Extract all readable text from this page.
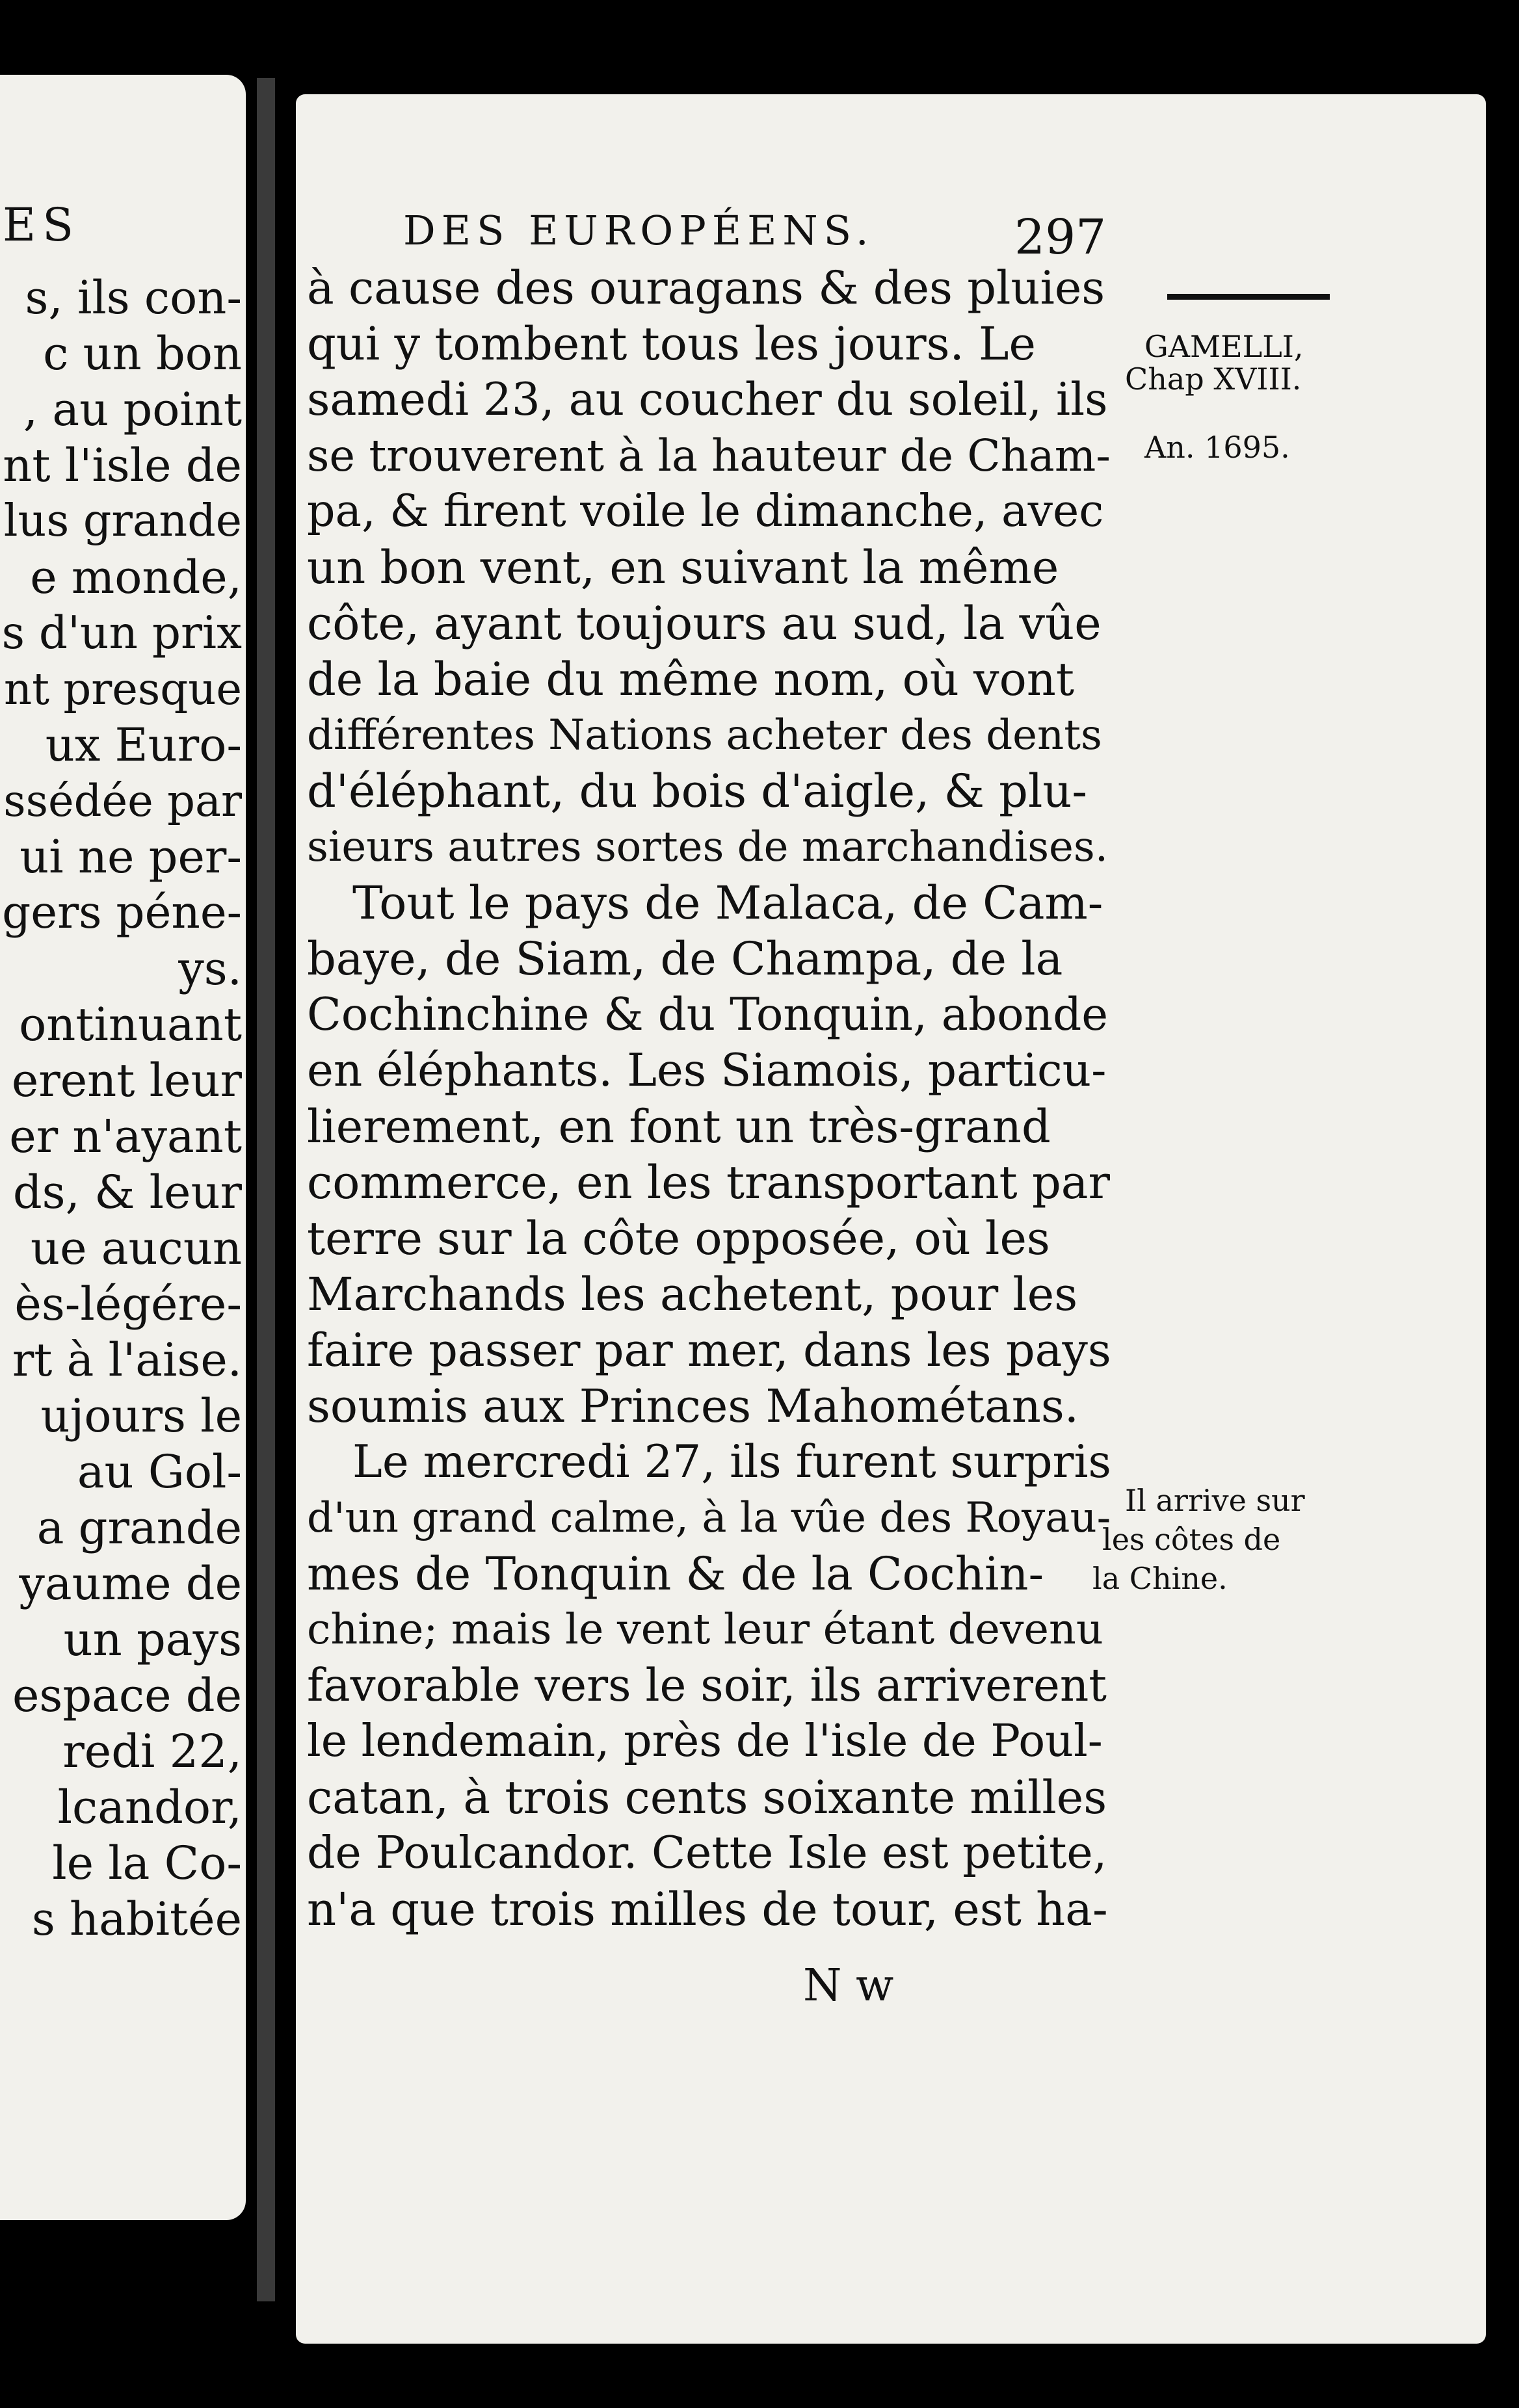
ES
s, ils con-
c un bon
, au point
nt l'isle de
lus grande
e monde,
s d'un prix
nt presque
ux Euro-
ssédée par
ui ne per-
gers péne-
ys.
ontinuant
erent leur
er n'ayant
ds, & leur
ue aucun
ès-légére-
rt à l'aise.
ujours le
au Gol-
a grande
yaume de
un pays
espace de
redi 22,
lcandor,
le la Co-
s habitée
DES EUROPÉENS.	297
à cause des ouragans & des pluies
qui y tombent tous les jours. Le
samedi 23, au coucher du soleil, ils
se trouverent à la hauteur de Cham-
pa, & firent voile le dimanche, avec
un bon vent, en suivant la même
côte, ayant toujours au sud, la vûe
de la baie du même nom, où vont
différentes Nations acheter des dents
d'éléphant, du bois d'aigle, & plu-
sieurs autres sortes de marchandises.
Tout le pays de Malaca, de Cam-
baye, de Siam, de Champa, de la
Cochinchine & du Tonquin, abonde
en éléphants. Les Siamois, particu-
lierement, en font un très-grand
commerce, en les transportant par
terre sur la côte opposée, où les
Marchands les achetent, pour les
faire passer par mer, dans les pays
soumis aux Princes Mahométans.
Le mercredi 27, ils furent surpris
d'un grand calme, à la vûe des Royau-
mes de Tonquin & de la Cochin-
chine; mais le vent leur étant devenu
favorable vers le soir, ils arriverent
le lendemain, près de l'isle de Poul-
catan, à trois cents soixante milles
de Poulcandor. Cette Isle est petite,
n'a que trois milles de tour, est ha-
GAMELLI,
Chap XVIII.
An. 1695.
Il arrive sur
les côtes de
la Chine.
N w
